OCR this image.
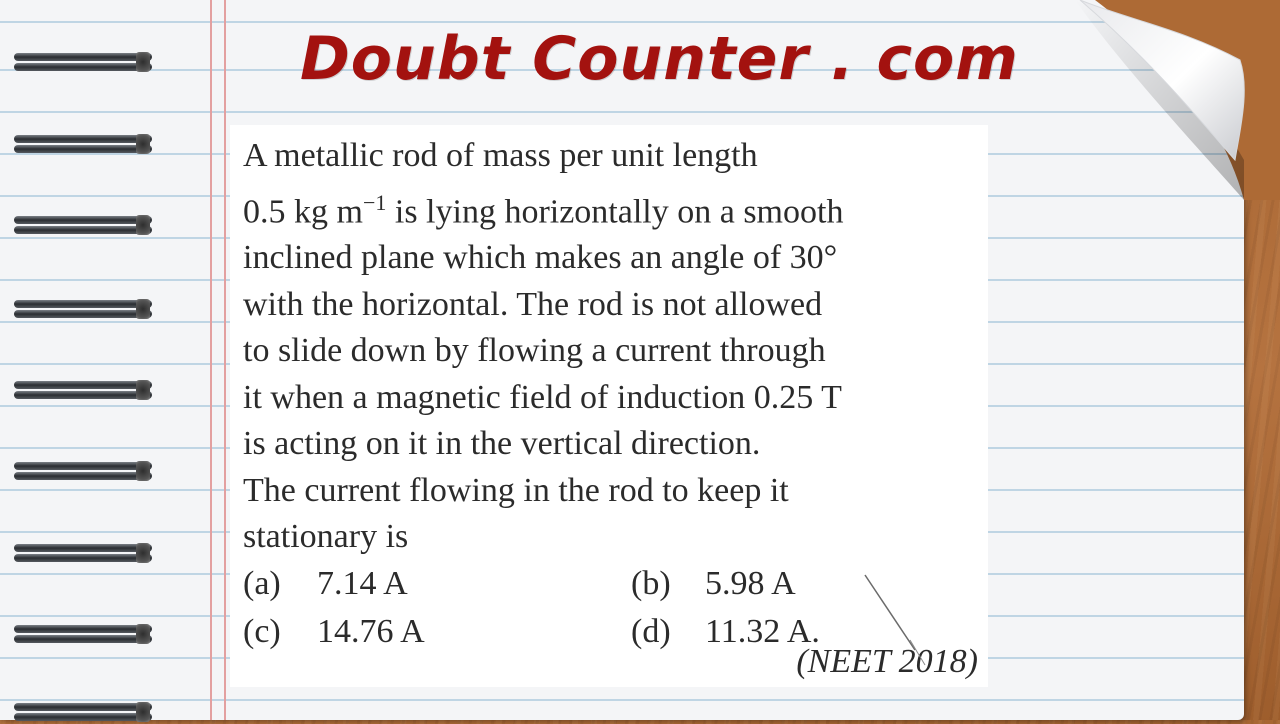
Doubt Counter . com

A metallic rod of mass per unit length
0.5 kg $m^{-1}$ is lying horizontally on a smooth
inclined plane which makes an angle of 30°
with the horizontal. The rod is not allowed
to slide down by flowing a current through
it when a magnetic field of induction 0.25 T
is acting on it in the vertical direction.
The current flowing in the rod to keep it
stationary is

(a) 7.14 A	(b) 5.98 A
(c) 14.76 A	(d) 11.32 A.
(NEET 2018)
